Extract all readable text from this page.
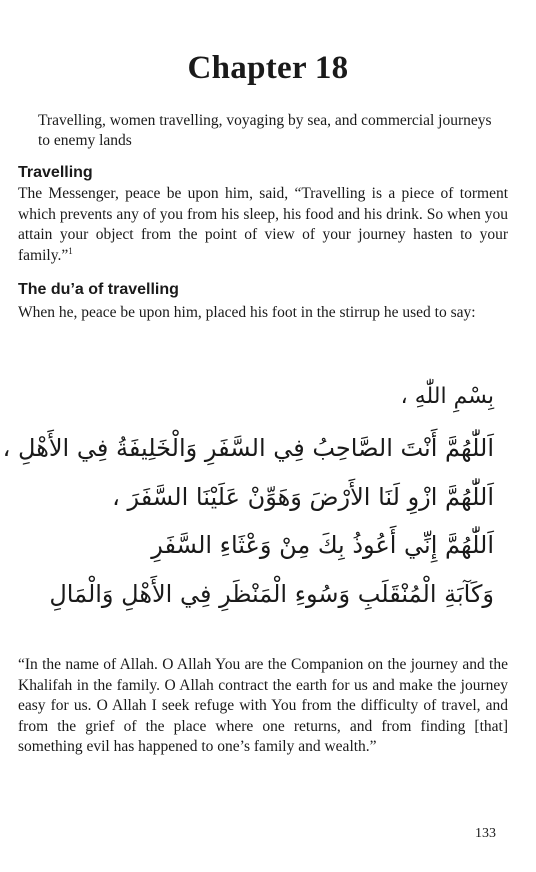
Chapter 18

Travelling, women travelling, voyaging by sea, and commercial journeys to enemy lands

Travelling

The Messenger, peace be upon him, said, “Travelling is a piece of torment which prevents any of you from his sleep, his food and his drink. So when you attain your object from the point of view of your journey hasten to your family.”$^1$

The du’a of travelling

When he, peace be upon him, placed his foot in the stirrup he used to say:

بِسْمِ اللّٰهِ ،

اَللّٰهُمَّ أَنْتَ الصَّاحِبُ فِي السَّفَرِ وَالْخَلِيفَةُ فِي الأَهْلِ ،

اَللّٰهُمَّ ازْوِ لَنَا الأَرْضَ وَهَوِّنْ عَلَيْنَا السَّفَرَ ،

اَللّٰهُمَّ إِنِّي أَعُوذُ بِكَ مِنْ وَعْثَاءِ السَّفَرِ

وَكَآبَةِ الْمُنْقَلَبِ وَسُوءِ الْمَنْظَرِ فِي الأَهْلِ وَالْمَالِ

“In the name of Allah. O Allah You are the Companion on the journey and the Khalifah in the family. O Allah contract the earth for us and make the journey easy for us. O Allah I seek refuge with You from the difficulty of travel, and from the grief of the place where one returns, and from finding [that] something evil has happened to one’s family and wealth.”

133
